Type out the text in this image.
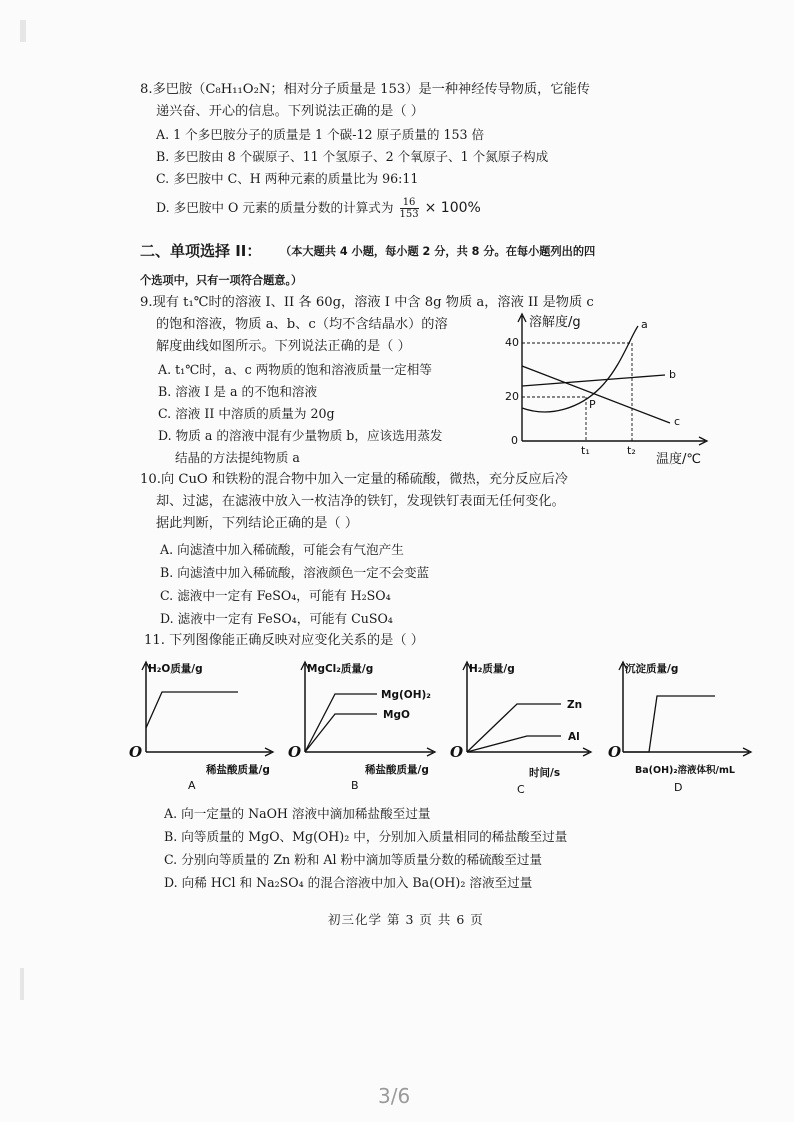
8.多巴胺（C₈H₁₁O₂N；相对分子质量是 153）是一种神经传导物质，它能传
递兴奋、开心的信息。下列说法正确的是（ ）
A. 1 个多巴胺分子的质量是 1 个碳-12 原子质量的 153 倍
B. 多巴胺由 8 个碳原子、11 个氢原子、2 个氧原子、1 个氮原子构成
C. 多巴胺中 C、H 两种元素的质量比为 96:11
D. 多巴胺中 O 元素的质量分数的计算式为 $\frac{16}{153} \times 100\%$
二、单项选择 II： （本大题共 4 小题，每小题 2 分，共 8 分。在每小题列出的四
个选项中，只有一项符合题意。）
9.现有 t₁℃时的溶液 I、II 各 60g，溶液 I 中含 8g 物质 a，溶液 II 是物质 c
的饱和溶液，物质 a、b、c（均不含结晶水）的溶
解度曲线如图所示。下列说法正确的是（ ）
A. t₁℃时，a、c 两物质的饱和溶液质量一定相等
B. 溶液 I 是 a 的不饱和溶液
C. 溶液 II 中溶质的质量为 20g
D. 物质 a 的溶液中混有少量物质 b，应该选用蒸发
结晶的方法提纯物质 a
溶解度/g
0
40
20
a
b
c
P
t₁	t₂
温度/℃
10.向 CuO 和铁粉的混合物中加入一定量的稀硫酸，微热，充分反应后冷
却、过滤，在滤液中放入一枚洁净的铁钉，发现铁钉表面无任何变化。
据此判断，下列结论正确的是（ ）
A. 向滤渣中加入稀硫酸，可能会有气泡产生
B. 向滤渣中加入稀硫酸，溶液颜色一定不会变蓝
C. 滤液中一定有 FeSO₄，可能有 H₂SO₄
D. 滤液中一定有 FeSO₄，可能有 CuSO₄
11. 下列图像能正确反映对应变化关系的是（ ）
H₂O质量/g
O
稀盐酸质量/g
A
MgCl₂质量/g
O
Mg(OH)₂
MgO
稀盐酸质量/g
B
H₂质量/g
O
Zn
Al
时间/s
C
沉淀质量/g
O
Ba(OH)₂溶液体积/mL
D
A. 向一定量的 NaOH 溶液中滴加稀盐酸至过量
B. 向等质量的 MgO、Mg(OH)₂ 中，分别加入质量相同的稀盐酸至过量
C. 分别向等质量的 Zn 粉和 Al 粉中滴加等质量分数的稀硫酸至过量
D. 向稀 HCl 和 Na₂SO₄ 的混合溶液中加入 Ba(OH)₂ 溶液至过量
初三化学 第 3 页 共 6 页
3/6
